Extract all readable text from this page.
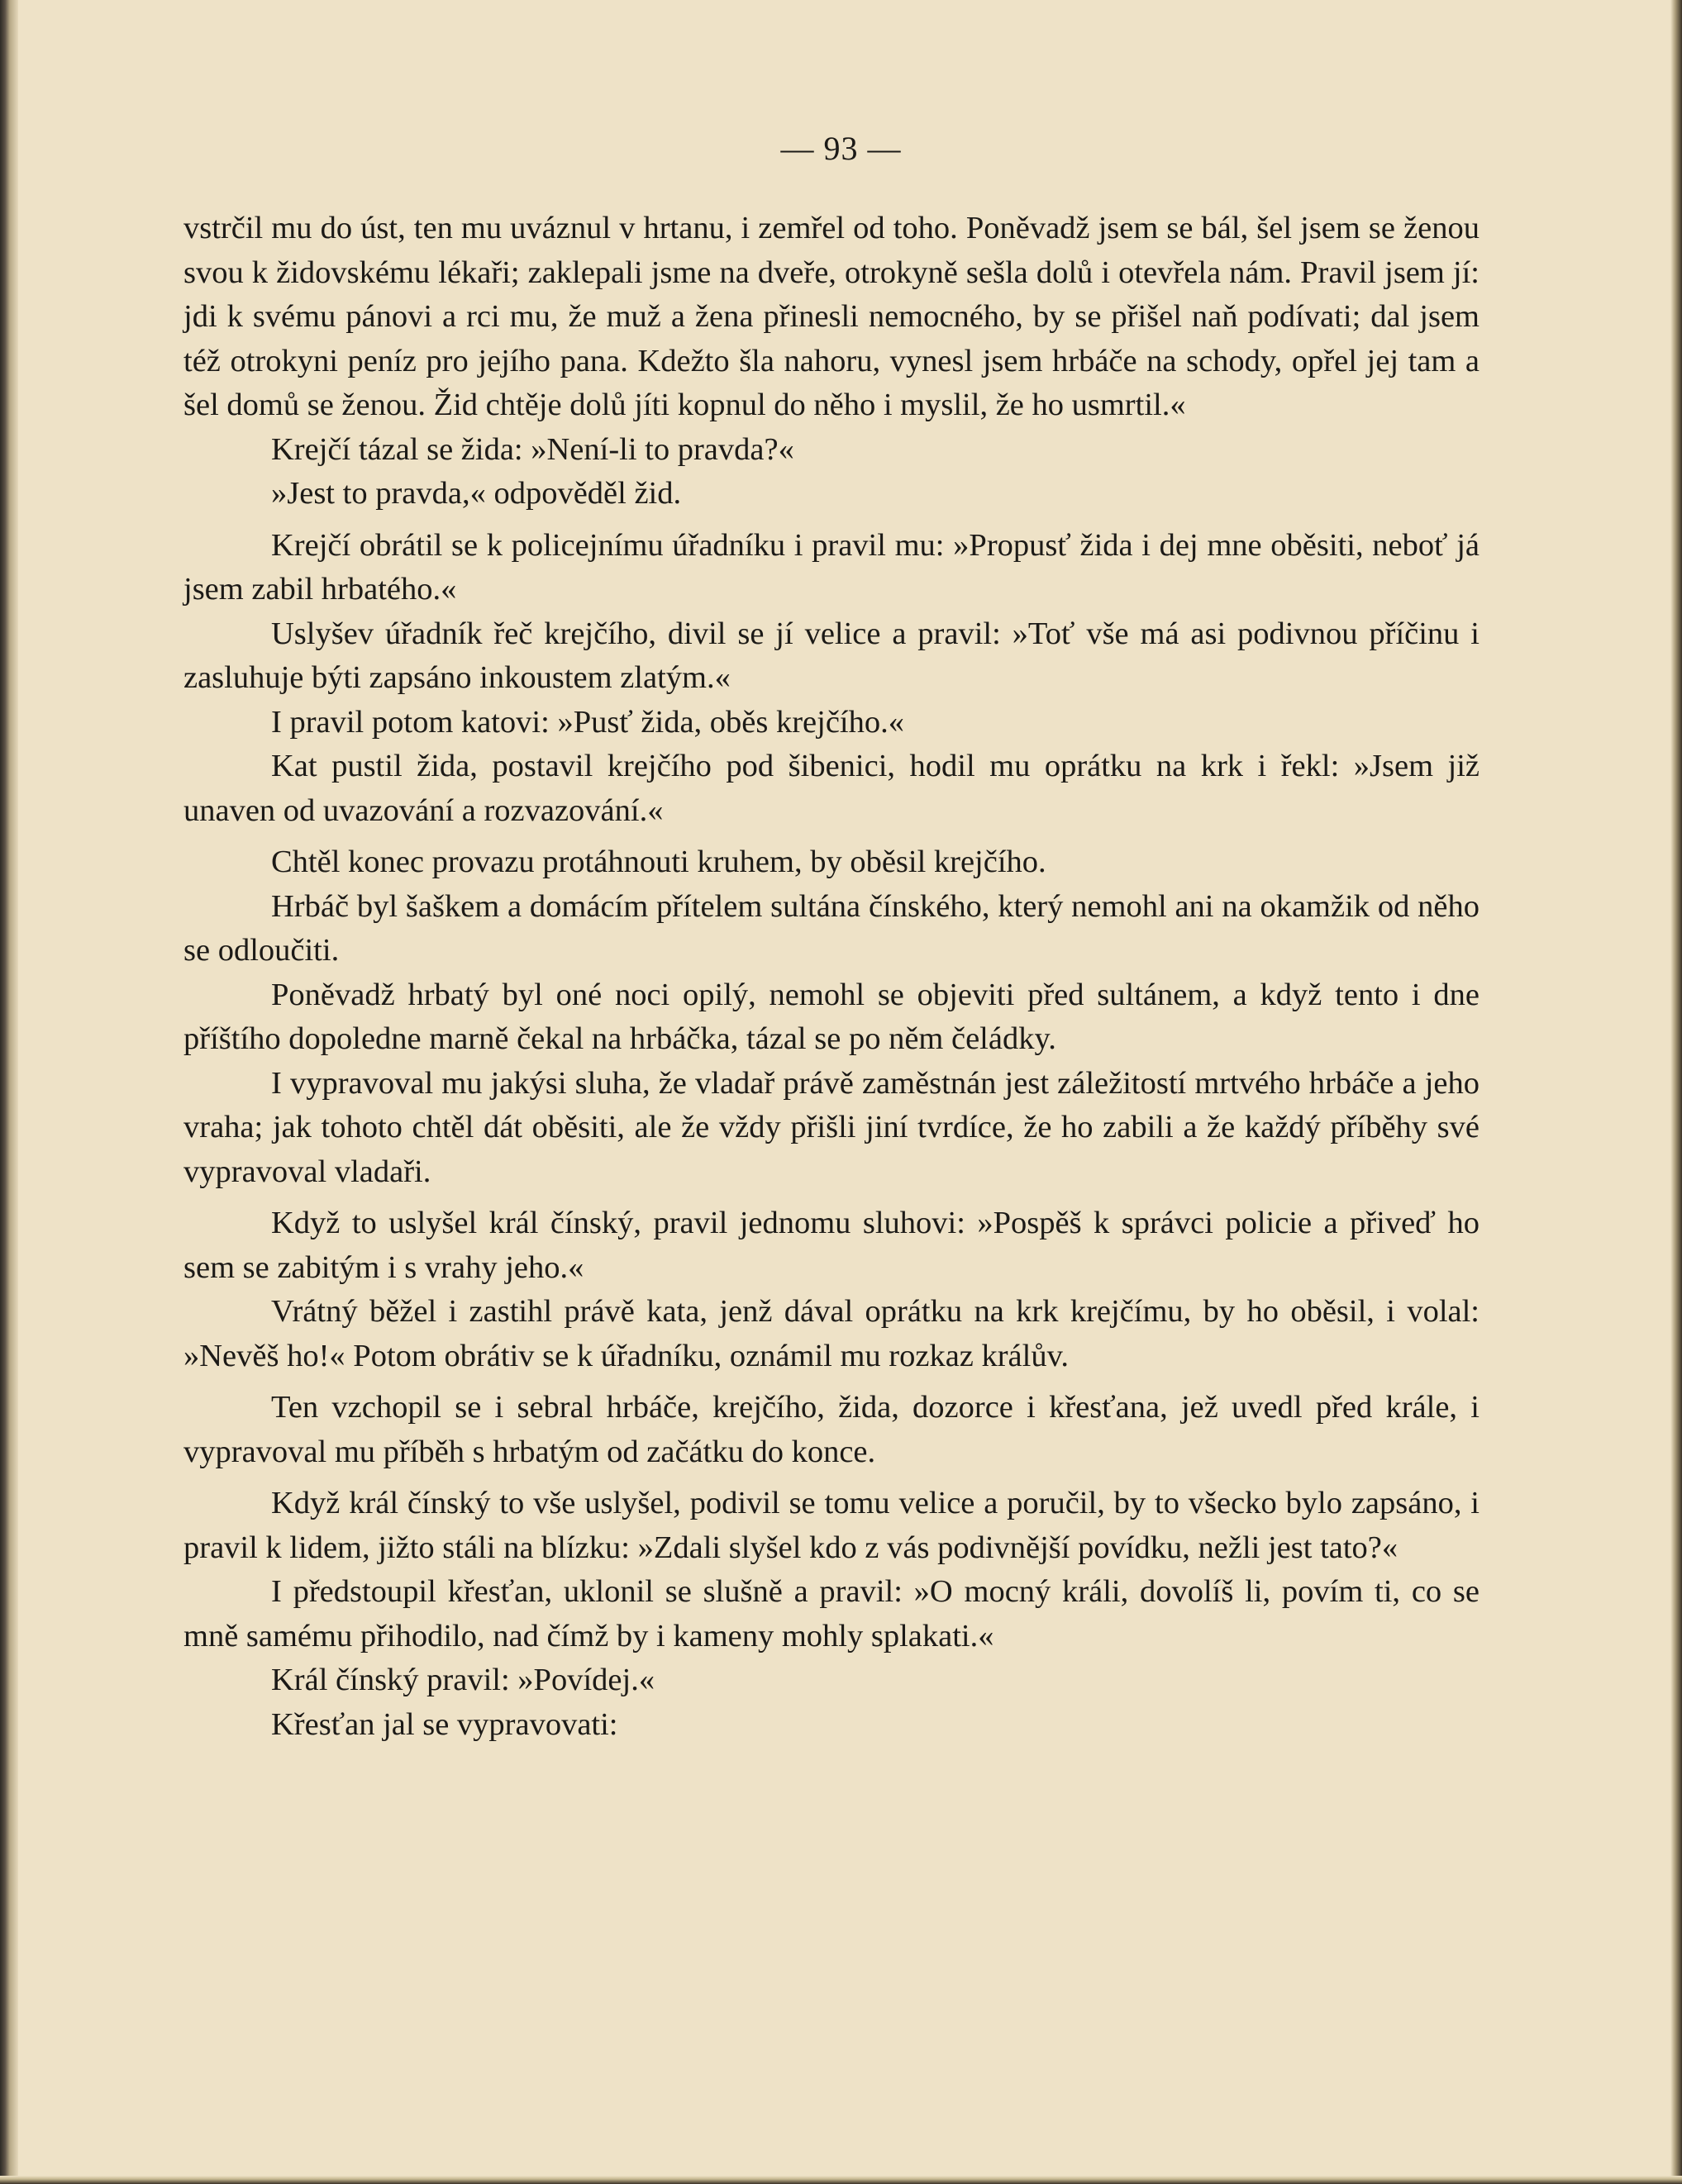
— 93 —

vstrčil mu do úst, ten mu uváznul v hrtanu, i zemřel od toho. Poněvadž jsem se bál, šel jsem se ženou svou k židovskému lékaři; zaklepali jsme na dveře, otrokyně sešla dolů i otevřela nám. Pravil jsem jí: jdi k svému pánovi a rci mu, že muž a žena přinesli nemocného, by se přišel naň podívati; dal jsem též otrokyni peníz pro jejího pana. Kdežto šla nahoru, vynesl jsem hrbáče na schody, opřel jej tam a šel domů se ženou. Žid chtěje dolů jíti kopnul do něho i myslil, že ho usmrtil.«

Krejčí tázal se žida: »Není-li to pravda?«

»Jest to pravda,« odpověděl žid.

Krejčí obrátil se k policejnímu úřadníku i pravil mu: »Propusť žida i dej mne oběsiti, neboť já jsem zabil hrbatého.«

Uslyšev úřadník řeč krejčího, divil se jí velice a pravil: »Toť vše má asi podivnou příčinu i zasluhuje býti zapsáno inkoustem zlatým.«

I pravil potom katovi: »Pusť žida, oběs krejčího.«

Kat pustil žida, postavil krejčího pod šibenici, hodil mu oprátku na krk i řekl: »Jsem již unaven od uvazování a rozvazování.«

Chtěl konec provazu protáhnouti kruhem, by oběsil krejčího.

Hrbáč byl šaškem a domácím přítelem sultána čínského, který nemohl ani na okamžik od něho se odloučiti.

Poněvadž hrbatý byl oné noci opilý, nemohl se objeviti před sultánem, a když tento i dne příštího dopoledne marně čekal na hrbáčka, tázal se po něm čeládky.

I vypravoval mu jakýsi sluha, že vladař právě zaměstnán jest záležitostí mrtvého hrbáče a jeho vraha; jak tohoto chtěl dát oběsiti, ale že vždy přišli jiní tvrdíce, že ho zabili a že každý příběhy své vypravoval vladaři.

Když to uslyšel král čínský, pravil jednomu sluhovi: »Pospěš k správci policie a přiveď ho sem se zabitým i s vrahy jeho.«

Vrátný běžel i zastihl právě kata, jenž dával oprátku na krk krejčímu, by ho oběsil, i volal: »Nevěš ho!« Potom obrátiv se k úřadníku, oznámil mu rozkaz králův.

Ten vzchopil se i sebral hrbáče, krejčího, žida, dozorce i křesťana, jež uvedl před krále, i vypravoval mu příběh s hrbatým od začátku do konce.

Když král čínský to vše uslyšel, podivil se tomu velice a poručil, by to všecko bylo zapsáno, i pravil k lidem, jižto stáli na blízku: »Zdali slyšel kdo z vás podivnější povídku, nežli jest tato?«

I předstoupil křesťan, uklonil se slušně a pravil: »O mocný králi, dovolíš li, povím ti, co se mně samému přihodilo, nad čímž by i kameny mohly splakati.«

Král čínský pravil: »Povídej.«

Křesťan jal se vypravovati:
